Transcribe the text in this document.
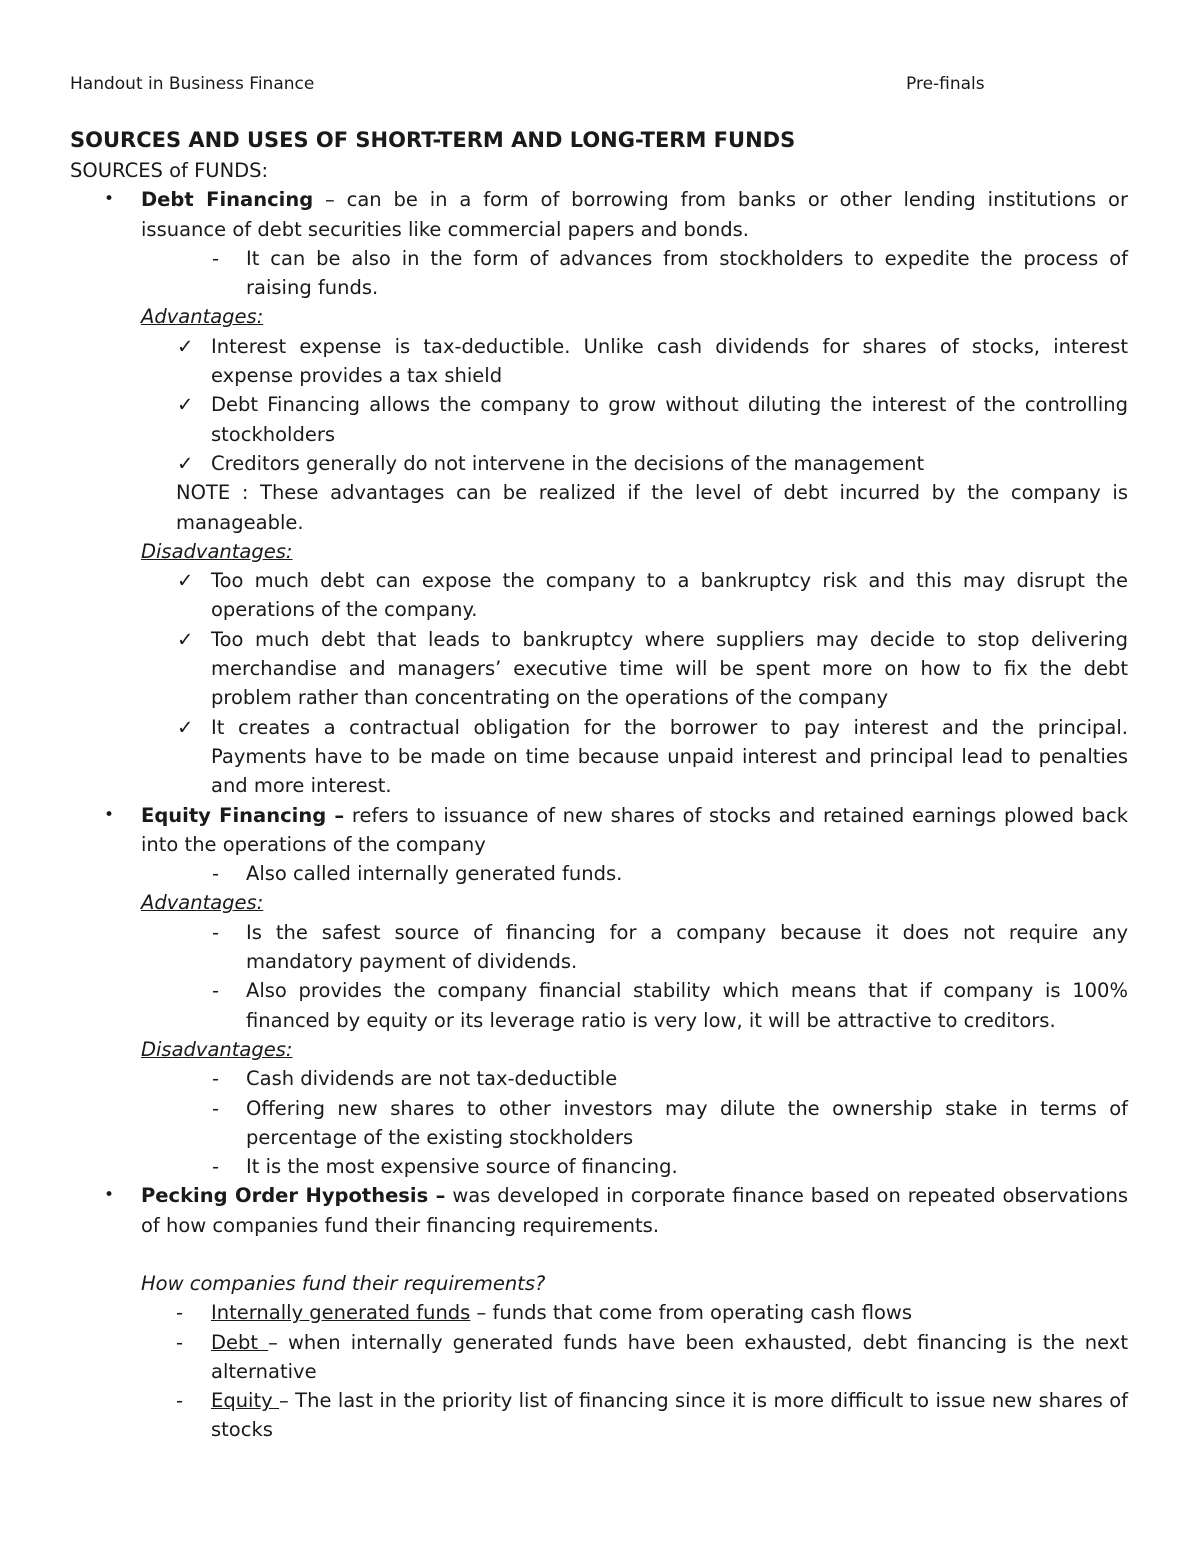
Handout in Business Finance	Pre-finals
SOURCES AND USES OF SHORT-TERM AND LONG-TERM FUNDS
SOURCES of FUNDS:
• Debt Financing – can be in a form of borrowing from banks or other lending institutions or issuance of debt securities like commercial papers and bonds.
- It can be also in the form of advances from stockholders to expedite the process of raising funds.
Advantages:
✓ Interest expense is tax-deductible. Unlike cash dividends for shares of stocks, interest expense provides a tax shield
✓ Debt Financing allows the company to grow without diluting the interest of the controlling stockholders
✓ Creditors generally do not intervene in the decisions of the management
NOTE : These advantages can be realized if the level of debt incurred by the company is manageable.
Disadvantages:
✓ Too much debt can expose the company to a bankruptcy risk and this may disrupt the operations of the company.
✓ Too much debt that leads to bankruptcy where suppliers may decide to stop delivering merchandise and managers’ executive time will be spent more on how to fix the debt problem rather than concentrating on the operations of the company
✓ It creates a contractual obligation for the borrower to pay interest and the principal. Payments have to be made on time because unpaid interest and principal lead to penalties and more interest.
• Equity Financing – refers to issuance of new shares of stocks and retained earnings plowed back into the operations of the company
- Also called internally generated funds.
Advantages:
- Is the safest source of financing for a company because it does not require any mandatory payment of dividends.
- Also provides the company financial stability which means that if company is 100% financed by equity or its leverage ratio is very low, it will be attractive to creditors.
Disadvantages:
- Cash dividends are not tax-deductible
- Offering new shares to other investors may dilute the ownership stake in terms of percentage of the existing stockholders
- It is the most expensive source of financing.
• Pecking Order Hypothesis – was developed in corporate finance based on repeated observations of how companies fund their financing requirements.
How companies fund their requirements?
- Internally generated funds – funds that come from operating cash flows
- Debt – when internally generated funds have been exhausted, debt financing is the next alternative
- Equity – The last in the priority list of financing since it is more difficult to issue new shares of stocks
